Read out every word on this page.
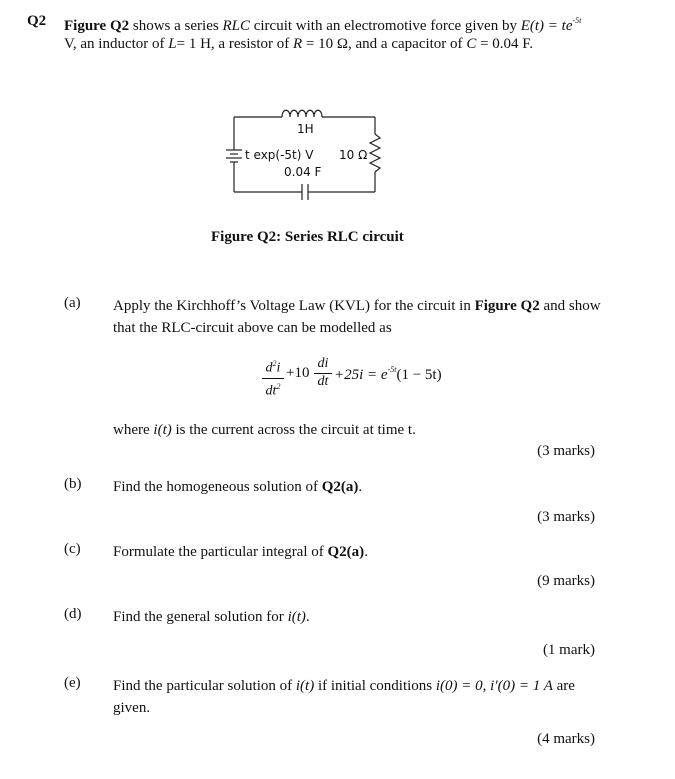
Q2 Figure Q2 shows a series RLC circuit with an electromotive force given by $E(t) = te^{-5t}$
V, an inductor of L= 1 H, a resistor of R = 10 Ω, and a capacitor of C = 0.04 F.
1H
t exp(-5t) V 10 Ω
0.04 F
Figure Q2: Series RLC circuit
(a) Apply the Kirchhoff’s Voltage Law (KVL) for the circuit in Figure Q2 and show
that the RLC-circuit above can be modelled as
$d^2i$
$dt^2$
+10
di
dt $+25i = e^{-5t}(1 - 5t)$
where i(t) is the current across the circuit at time t.
(3 marks)
(b) Find the homogeneous solution of Q2(a).
(3 marks)
(c) Formulate the particular integral of Q2(a).
(9 marks)
(d) Find the general solution for i(t).
(1 mark)
(e) Find the particular solution of i(t) if initial conditions i(0) = 0, i′(0) = 1 A are
given.
(4 marks)
